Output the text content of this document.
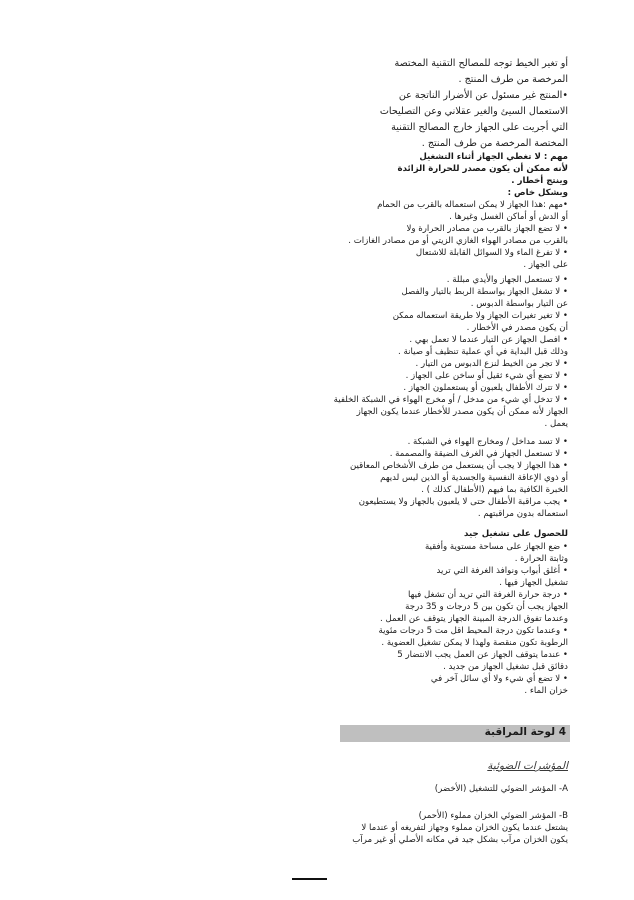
أو تغير الخيط توجه للمصالح التقنية المختصة
المرخصة من طرف المنتج .
•المنتج غير مسئول عن الأضرار الناتجة عن
الاستعمال السيئ والغير عقلاني وعن التصليحات
التي أجريت على الجهاز خارج المصالح التقنية
المختصة المرخصة من طرف المنتج .
مهم : لا تغطي الجهاز أثناء التشغيل
لأنه ممكن أن يكون مصدر للحرارة الزائدة
وينتج أخطار .
وبشكل خاص :
•مهم :هذا الجهاز لا يمكن استعماله بالقرب من الحمام
أو الدش أو أماكن الغسل وغيرها .
• لا تضع الجهاز بالقرب من مصادر الحرارة ولا
بالقرب من مصادر الهواء الغازي الزيتي أو من مصادر الغازات .
• لا تفرغ الماء ولا السوائل القابلة للاشتعال
على الجهاز .
• لا تستعمل الجهاز والأيدي مبللة .
• لا تشغل الجهاز بواسطة الربط بالتيار والفصل
عن التيار بواسطة الدبوس .
• لا تغير تغيرات الجهاز ولا طريقة استعماله ممكن
أن يكون مصدر في الأخطار .
• افصل الجهاز عن التيار عندما لا تعمل بهي .
وذلك قبل البداية في أي عملية تنظيف أو صيانة .
• لا تجر من الخيط لنزع الدبوس من التيار .
• لا تضع أي شيء ثقيل أو ساخن على الجهاز .
• لا تترك الأطفال يلعبون أو يستعملون الجهاز .
• لا تدخل أي شيء من مدخل / أو مخرج الهواء في الشبكة الخلفية
الجهاز لأنه ممكن أن يكون مصدر للأخطار عندما يكون الجهاز
يعمل .
• لا تسد مداخل / ومخارج الهواء في الشبكة .
• لا تستعمل الجهاز في الغرف الضيقة والمصممة .
• هذا الجهاز لا يجب أن يستعمل من طرف الأشخاص المعاقين
أو ذوي الإعاقة النفسية والجسدية أو الذين ليس لديهم
الخبرة الكافية بما فيهم (الأطفال كذلك ) .
• يجب مراقبة الأطفال حتى لا يلعبون بالجهاز ولا يستطيعون
استعماله بدون مراقبتهم .
للحصول على تشغيل جيد
• ضع الجهاز على مساحة مستوية وأفقية
وثابتة الحرارة .
• أغلق أبواب ونوافذ الغرفة التي تريد
تشغيل الجهاز فيها .
• درجة حرارة الغرفة التي تريد أن تشغل فيها
الجهاز يجب أن تكون بين 5 درجات و 35 درجة
وعندما تفوق الدرجة المبينة الجهاز يتوقف عن العمل .
• وعندما تكون درجة المحيط اقل مت 5 درجات مئوية
الرطوبة تكون منقصة ولهذا لا يمكن تشغيل العضوية .
• عندما يتوقف الجهاز عن العمل يجب الانتضار 5
دقائق قبل تشغيل الجهاز من جديد .
• لا تضع أي شيء ولا أي سائل آخر في
خزان الماء .
المؤشرات الضوئية
A- المؤشر الضوئي للتشغيل (الأخضر)
B- المؤشر الضوئي الخزان مملوء (الأحمر)
يشتعل عندما يكون الخزان مملوء وجهاز لتفريغه أو عندما لا
يكون الخزان مرآب بشكل جيد في مكانه الأصلي أو غير مرآب
4 لوحة المراقبة
